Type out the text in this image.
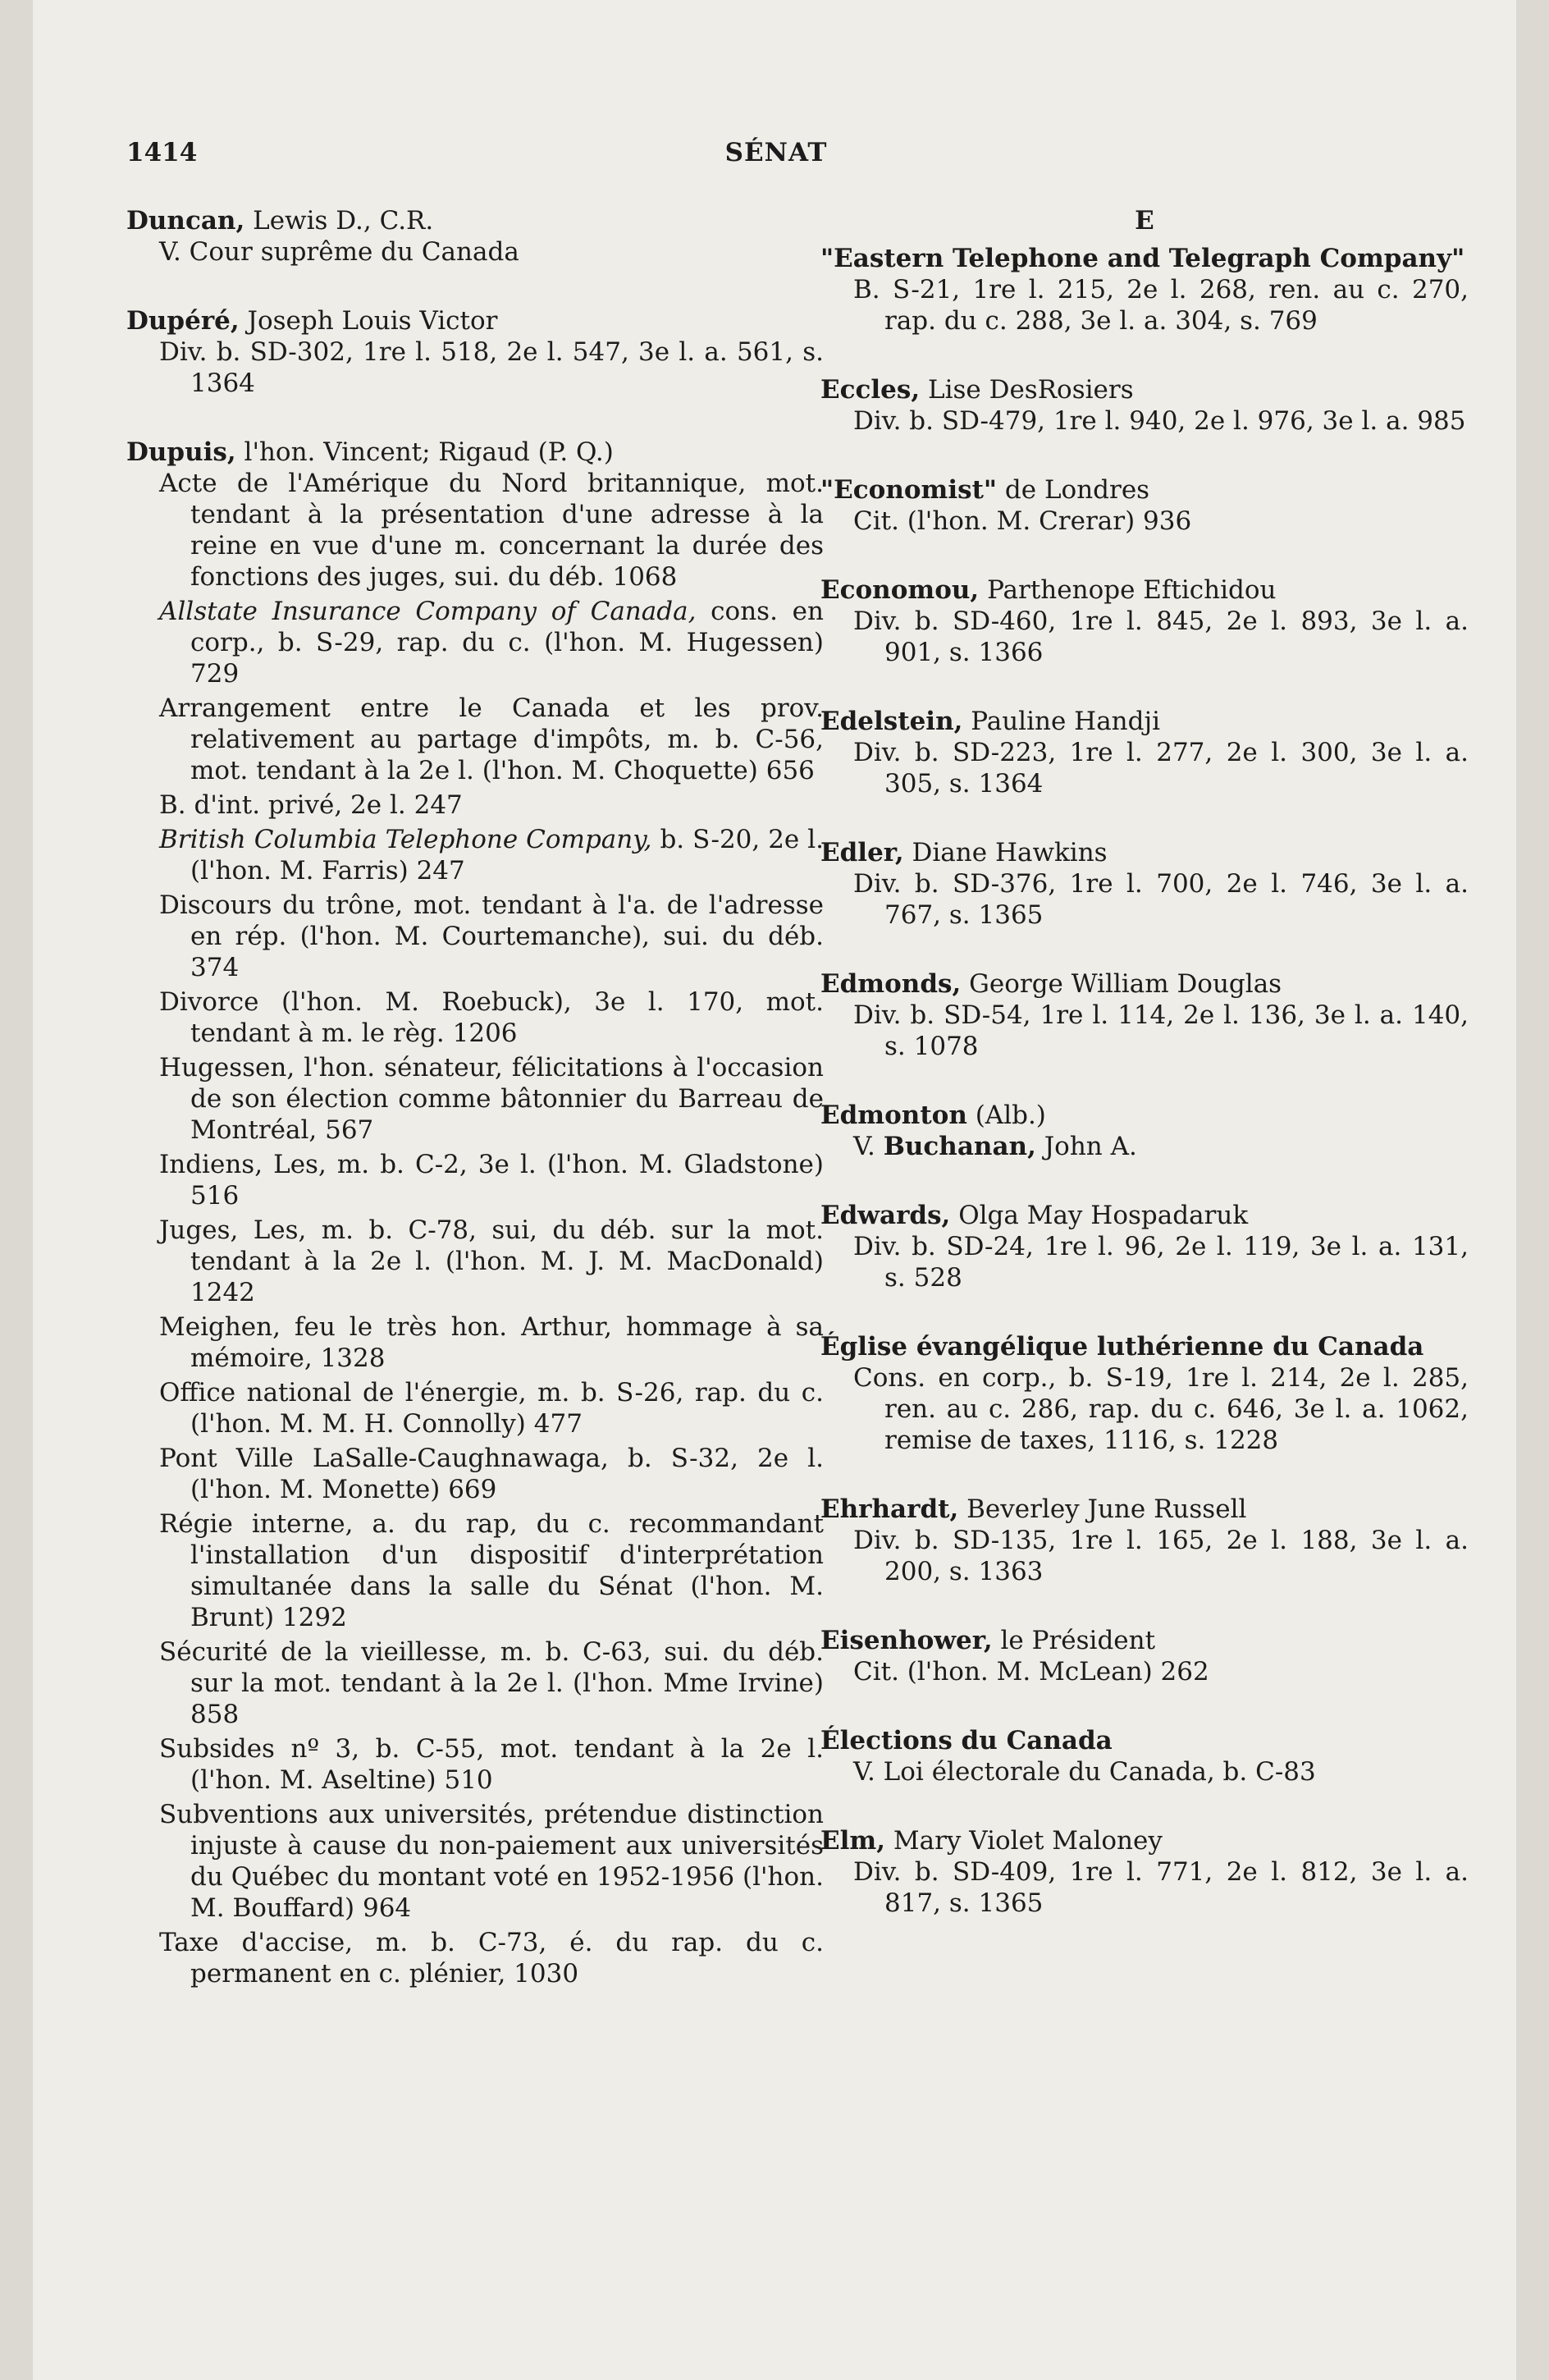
1414	SÉNAT

Duncan, Lewis D., C.R.

V. Cour suprême du Canada

Dupéré, Joseph Louis Victor

Div. b. SD-302, 1re l. 518, 2e l. 547, 3e l. a. 561, s. 1364

Dupuis, l'hon. Vincent; Rigaud (P. Q.)

Acte de l'Amérique du Nord britannique, mot. tendant à la présentation d'une adresse à la reine en vue d'une m. concernant la durée des fonctions des juges, sui. du déb. 1068

Allstate Insurance Company of Canada, cons. en corp., b. S-29, rap. du c. (l'hon. M. Hugessen) 729

Arrangement entre le Canada et les prov. relativement au partage d'impôts, m. b. C-56, mot. tendant à la 2e l. (l'hon. M. Choquette) 656

B. d'int. privé, 2e l. 247

British Columbia Telephone Company, b. S-20, 2e l. (l'hon. M. Farris) 247

Discours du trône, mot. tendant à l'a. de l'adresse en rép. (l'hon. M. Courtemanche), sui. du déb. 374

Divorce (l'hon. M. Roebuck), 3e l. 170, mot. tendant à m. le règ. 1206

Hugessen, l'hon. sénateur, félicitations à l'occasion de son élection comme bâtonnier du Barreau de Montréal, 567

Indiens, Les, m. b. C-2, 3e l. (l'hon. M. Gladstone) 516

Juges, Les, m. b. C-78, sui, du déb. sur la mot. tendant à la 2e l. (l'hon. M. J. M. MacDonald) 1242

Meighen, feu le très hon. Arthur, hommage à sa mémoire, 1328

Office national de l'énergie, m. b. S-26, rap. du c. (l'hon. M. M. H. Connolly) 477

Pont Ville LaSalle-Caughnawaga, b. S-32, 2e l. (l'hon. M. Monette) 669

Régie interne, a. du rap, du c. recommandant l'installation d'un dispositif d'interprétation simultanée dans la salle du Sénat (l'hon. M. Brunt) 1292

Sécurité de la vieillesse, m. b. C-63, sui. du déb. sur la mot. tendant à la 2e l. (l'hon. Mme Irvine) 858

Subsides nº 3, b. C-55, mot. tendant à la 2e l. (l'hon. M. Aseltine) 510

Subventions aux universités, prétendue distinction injuste à cause du non-paiement aux universités du Québec du montant voté en 1952-1956 (l'hon. M. Bouffard) 964

Taxe d'accise, m. b. C-73, é. du rap. du c. permanent en c. plénier, 1030

E

"Eastern Telephone and Telegraph Company"

B. S-21, 1re l. 215, 2e l. 268, ren. au c. 270, rap. du c. 288, 3e l. a. 304, s. 769

Eccles, Lise DesRosiers

Div. b. SD-479, 1re l. 940, 2e l. 976, 3e l. a. 985

"Economist" de Londres

Cit. (l'hon. M. Crerar) 936

Economou, Parthenope Eftichidou

Div. b. SD-460, 1re l. 845, 2e l. 893, 3e l. a. 901, s. 1366

Edelstein, Pauline Handji

Div. b. SD-223, 1re l. 277, 2e l. 300, 3e l. a. 305, s. 1364

Edler, Diane Hawkins

Div. b. SD-376, 1re l. 700, 2e l. 746, 3e l. a. 767, s. 1365

Edmonds, George William Douglas

Div. b. SD-54, 1re l. 114, 2e l. 136, 3e l. a. 140, s. 1078

Edmonton (Alb.)

V. Buchanan, John A.

Edwards, Olga May Hospadaruk

Div. b. SD-24, 1re l. 96, 2e l. 119, 3e l. a. 131, s. 528

Église évangélique luthérienne du Canada

Cons. en corp., b. S-19, 1re l. 214, 2e l. 285, ren. au c. 286, rap. du c. 646, 3e l. a. 1062, remise de taxes, 1116, s. 1228

Ehrhardt, Beverley June Russell

Div. b. SD-135, 1re l. 165, 2e l. 188, 3e l. a. 200, s. 1363

Eisenhower, le Président

Cit. (l'hon. M. McLean) 262

Élections du Canada

V. Loi électorale du Canada, b. C-83

Elm, Mary Violet Maloney

Div. b. SD-409, 1re l. 771, 2e l. 812, 3e l. a. 817, s. 1365
